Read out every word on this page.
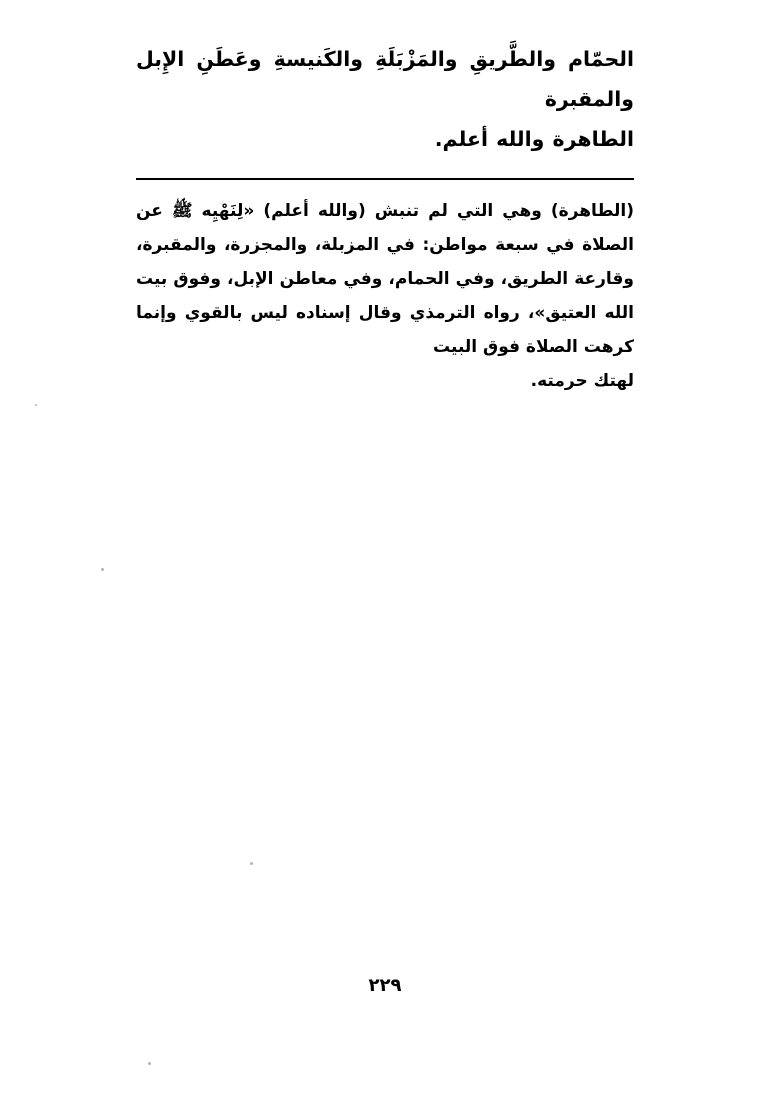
الحمّام والطَّريقِ والمَزْبَلَةِ والكَنيسةِ وعَطَنِ الإِبل والمقبرة
الطاهرة والله أعلم.
(الطاهرة) وهي التي لم تنبش (والله أعلم) «لِنَهْيِه ﷺ عن الصلاة في سبعة مواطن: في المزبلة، والمجزرة، والمقبرة، وقارعة الطريق، وفي الحمام، وفي معاطن الإبل، وفوق بيت الله العتيق»، رواه الترمذي وقال إسناده ليس بالقوي وإنما كرهت الصلاة فوق البيت
لهتك حرمته.
٢٢٩
